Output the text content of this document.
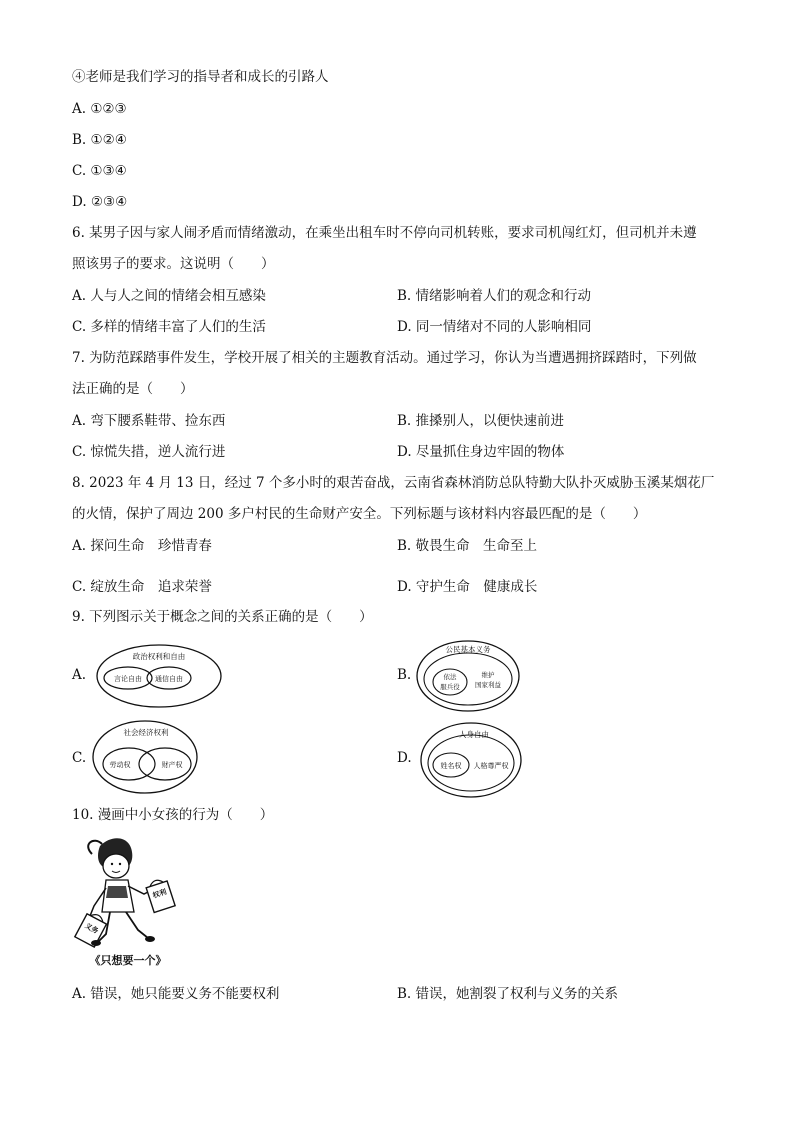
④老师是我们学习的指导者和成长的引路人
A. ①②③
B. ①②④
C. ①③④
D. ②③④
6. 某男子因与家人闹矛盾而情绪激动，在乘坐出租车时不停向司机转账，要求司机闯红灯，但司机并未遵
照该男子的要求。这说明（　　）
A. 人与人之间的情绪会相互感染	B. 情绪影响着人们的观念和行动
C. 多样的情绪丰富了人们的生活	D. 同一情绪对不同的人影响相同
7. 为防范踩踏事件发生，学校开展了相关的主题教育活动。通过学习，你认为当遭遇拥挤踩踏时，下列做
法正确的是（　　）
A. 弯下腰系鞋带、捡东西	B. 推搡别人，以便快速前进
C. 惊慌失措，逆人流行进	D. 尽量抓住身边牢固的物体
8. 2023 年 4 月 13 日，经过 7 个多小时的艰苦奋战，云南省森林消防总队特勤大队扑灭威胁玉溪某烟花厂
的火情，保护了周边 200 多户村民的生命财产安全。下列标题与该材料内容最匹配的是（　　）
A. 探问生命　珍惜青春	B. 敬畏生命　生命至上
C. 绽放生命　追求荣誉	D. 守护生命　健康成长
9. 下列图示关于概念之间的关系正确的是（　　）
A.
政治权利和自由
言论自由 通信自由	B.
公民基本义务
依法
服兵役
维护
国家利益
C.
社会经济权利
劳动权	财产权	D.
人身自由
姓名权 人格尊严权
10. 漫画中小女孩的行为（　　）
权利
义务
《只想要一个》
A. 错误，她只能要义务不能要权利	B. 错误，她割裂了权利与义务的关系
